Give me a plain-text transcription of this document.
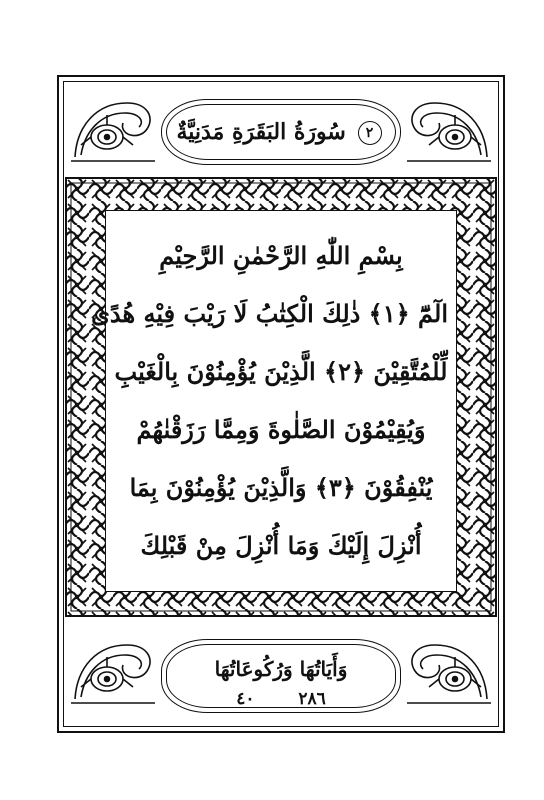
٢ سُورَةُ البَقَرَةِ مَدَنِيَّةٌ
بِسْمِ اللّٰهِ الرَّحْمٰنِ الرَّحِيْمِ
الٓمّٓ ﴿١﴾ ذٰلِكَ الْكِتٰبُ لَا رَيْبَ فِيْهِ هُدًى
لِّلْمُتَّقِيْنَ ﴿٢﴾ الَّذِيْنَ يُؤْمِنُوْنَ بِالْغَيْبِ
وَيُقِيْمُوْنَ الصَّلٰوةَ وَمِمَّا رَزَقْنٰهُمْ
يُنْفِقُوْنَ ﴿٣﴾ وَالَّذِيْنَ يُؤْمِنُوْنَ بِمَا
أُنْزِلَ إِلَيْكَ وَمَا أُنْزِلَ مِنْ قَبْلِكَ
وَأَيَاتُهَا وَرُكُوعَاتُهَا
٢٨٦ ٤٠
